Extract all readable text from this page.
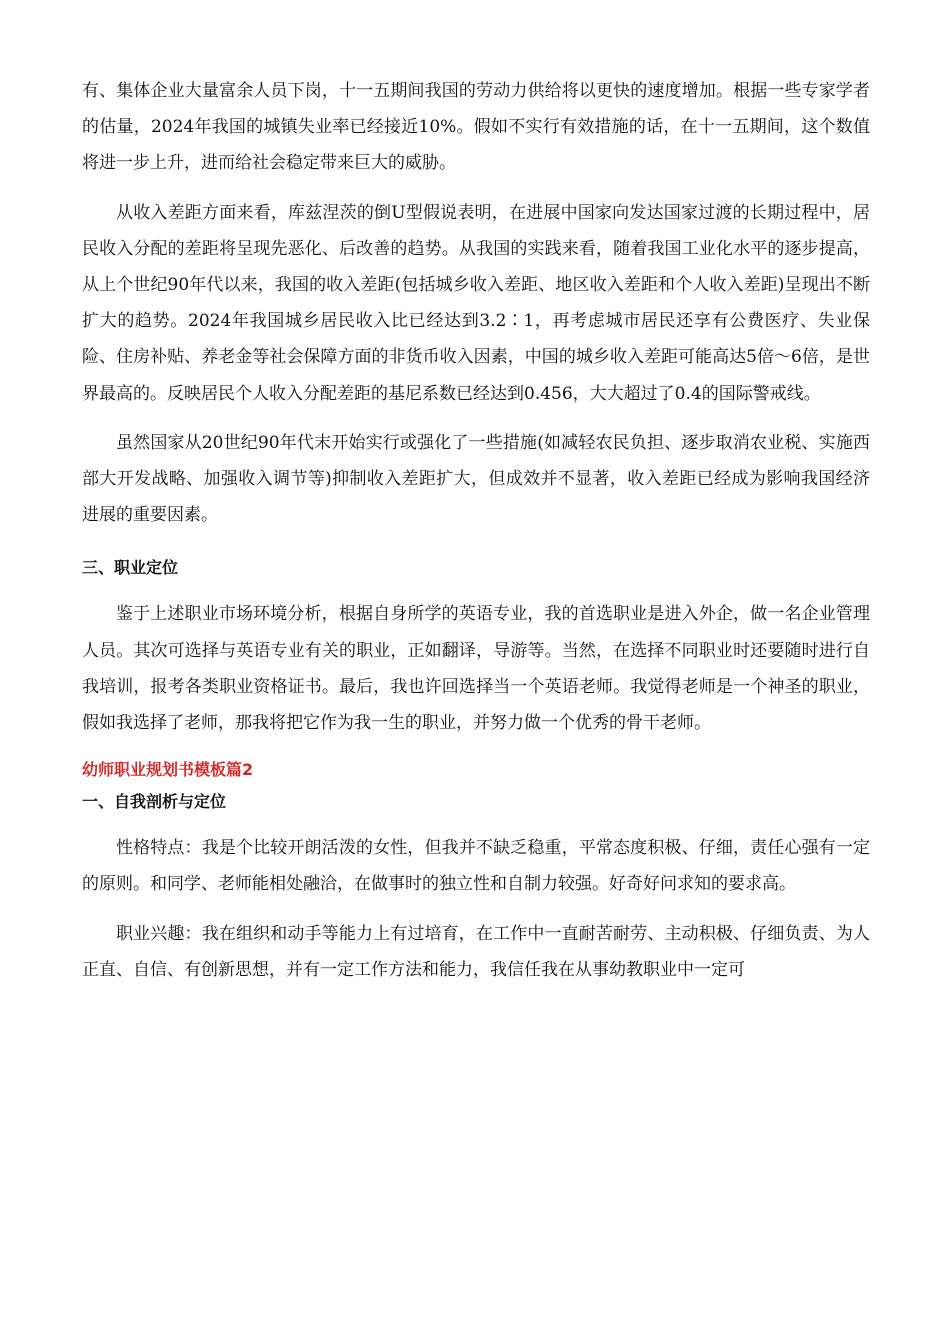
有、集体企业大量富余人员下岗，十一五期间我国的劳动力供给将以更快的速度增加。根据一些专家学者的估量，2024年我国的城镇失业率已经接近10%。假如不实行有效措施的话，在十一五期间，这个数值将进一步上升，进而给社会稳定带来巨大的威胁。

从收入差距方面来看，库兹涅茨的倒U型假说表明，在进展中国家向发达国家过渡的长期过程中，居民收入分配的差距将呈现先恶化、后改善的趋势。从我国的实践来看，随着我国工业化水平的逐步提高，从上个世纪90年代以来，我国的收入差距(包括城乡收入差距、地区收入差距和个人收入差距)呈现出不断扩大的趋势。2024年我国城乡居民收入比已经达到3.2∶1，再考虑城市居民还享有公费医疗、失业保险、住房补贴、养老金等社会保障方面的非货币收入因素，中国的城乡收入差距可能高达5倍～6倍，是世界最高的。反映居民个人收入分配差距的基尼系数已经达到0.456，大大超过了0.4的国际警戒线。

虽然国家从20世纪90年代末开始实行或强化了一些措施(如减轻农民负担、逐步取消农业税、实施西部大开发战略、加强收入调节等)抑制收入差距扩大，但成效并不显著，收入差距已经成为影响我国经济进展的重要因素。

三、职业定位

鉴于上述职业市场环境分析，根据自身所学的英语专业，我的首选职业是进入外企，做一名企业管理人员。其次可选择与英语专业有关的职业，正如翻译，导游等。当然，在选择不同职业时还要随时进行自我培训，报考各类职业资格证书。最后，我也许回选择当一个英语老师。我觉得老师是一个神圣的职业，假如我选择了老师，那我将把它作为我一生的职业，并努力做一个优秀的骨干老师。

幼师职业规划书模板篇2
一、自我剖析与定位

性格特点：我是个比较开朗活泼的女性，但我并不缺乏稳重，平常态度积极、仔细，责任心强有一定的原则。和同学、老师能相处融洽，在做事时的独立性和自制力较强。好奇好问求知的要求高。

职业兴趣：我在组织和动手等能力上有过培育，在工作中一直耐苦耐劳、主动积极、仔细负责、为人正直、自信、有创新思想，并有一定工作方法和能力，我信任我在从事幼教职业中一定可
